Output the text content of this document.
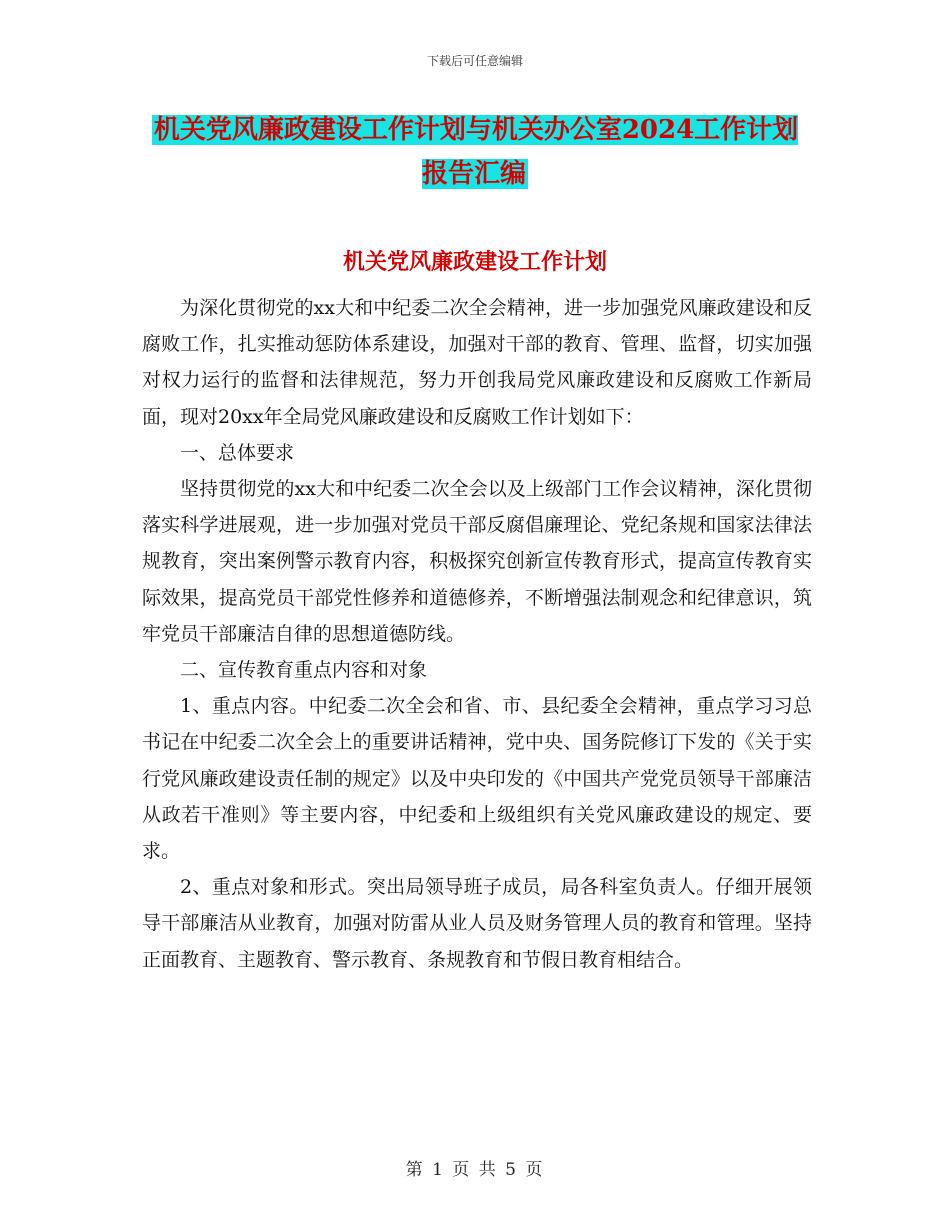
下载后可任意编辑
机关党风廉政建设工作计划与机关办公室2024工作计划报告汇编
机关党风廉政建设工作计划

为深化贯彻党的xx大和中纪委二次全会精神，进一步加强党风廉政建设和反腐败工作，扎实推动惩防体系建设，加强对干部的教育、管理、监督，切实加强对权力运行的监督和法律规范，努力开创我局党风廉政建设和反腐败工作新局面，现对20xx年全局党风廉政建设和反腐败工作计划如下：

一、总体要求

坚持贯彻党的xx大和中纪委二次全会以及上级部门工作会议精神，深化贯彻落实科学进展观，进一步加强对党员干部反腐倡廉理论、党纪条规和国家法律法规教育，突出案例警示教育内容，积极探究创新宣传教育形式，提高宣传教育实际效果，提高党员干部党性修养和道德修养，不断增强法制观念和纪律意识，筑牢党员干部廉洁自律的思想道德防线。

二、宣传教育重点内容和对象

1、重点内容。中纪委二次全会和省、市、县纪委全会精神，重点学习习总书记在中纪委二次全会上的重要讲话精神，党中央、国务院修订下发的《关于实行党风廉政建设责任制的规定》以及中央印发的《中国共产党党员领导干部廉洁从政若干准则》等主要内容，中纪委和上级组织有关党风廉政建设的规定、要求。

2、重点对象和形式。突出局领导班子成员，局各科室负责人。仔细开展领导干部廉洁从业教育，加强对防雷从业人员及财务管理人员的教育和管理。坚持正面教育、主题教育、警示教育、条规教育和节假日教育相结合。

第 1 页 共 5 页
